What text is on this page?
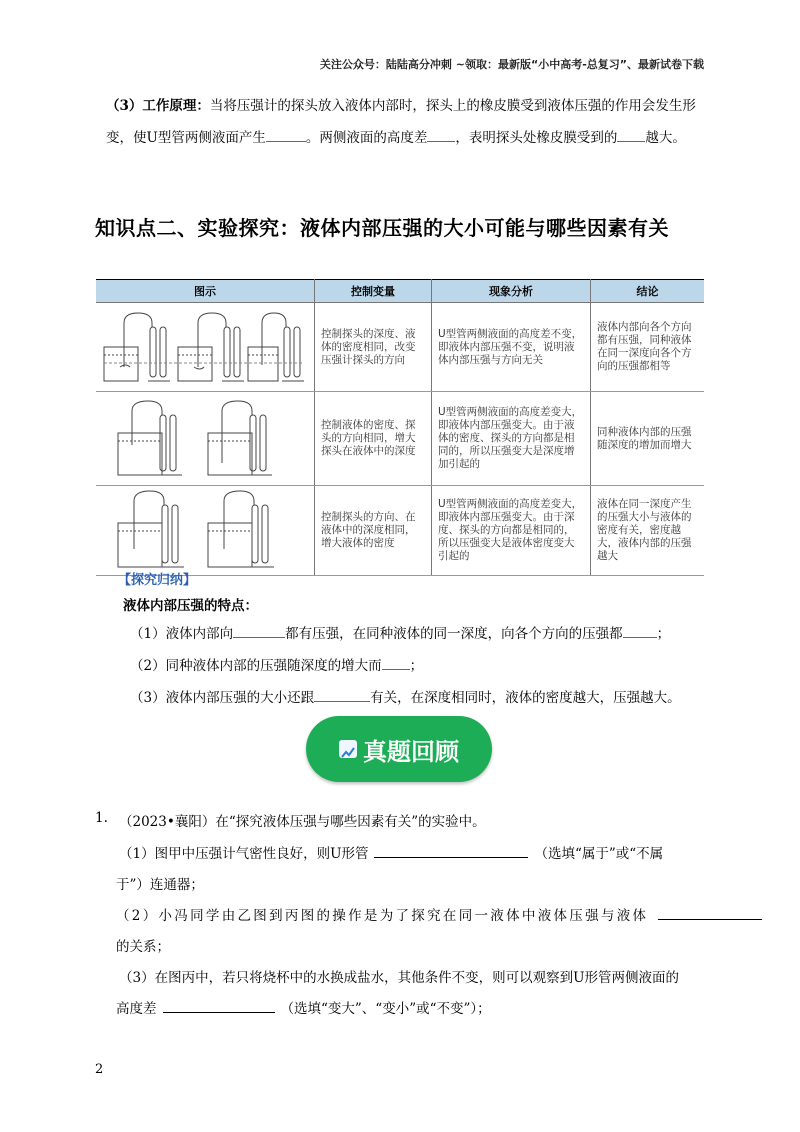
关注公众号：陆陆高分冲刺 ~领取：最新版“小中高考-总复习”、最新试卷下载
（3）工作原理：当将压强计的探头放入液体内部时，探头上的橡皮膜受到液体压强的作用会发生形变，使U型管两侧液面产生	。两侧液面的高度差 ，表明探头处橡皮膜受到的 越大。
知识点二、实验探究：液体内部压强的大小可能与哪些因素有关
图示	控制变量	现象分析	结论

	控制探头的深度、液体的密度相同，改变压强计探头的方向	U型管两侧液面的高度差不变，即液体内部压强不变，说明液体内部压强与方向无关	液体内部向各个方向都有压强，同种液体在同一深度向各个方向的压强都相等

	控制液体的密度、探头的方向相同，增大探头在液体中的深度	U型管两侧液面的高度差变大，即液体内部压强变大。由于液体的密度、探头的方向都是相同的，所以压强变大是深度增加引起的	同种液体内部的压强随深度的增加而增大

	控制探头的方向、在液体中的深度相同，增大液体的密度	U型管两侧液面的高度差变大，即液体内部压强变大。由于深度、探头的方向都是相同的，所以压强变大是液体密度变大引起的	液体在同一深度产生的压强大小与液体的密度有关，密度越大，液体内部的压强越大
【探究归纳】
液体内部压强的特点：
（1）液体内部向	都有压强，在同种液体的同一深度，向各个方向的压强都	；
（2）同种液体内部的压强随深度的增大而 ；
（3）液体内部压强的大小还跟	有关，在深度相同时，液体的密度越大，压强越大。
真题回顾
1. （2023•襄阳）在“探究液体压强与哪些因素有关”的实验中。
（1）图甲中压强计气密性良好，则U形管	（选填“属于”或“不属
于”）连通器；
（2）小冯同学由乙图到丙图的操作是为了探究在同一液体中液体压强与液体
的关系；
（3）在图丙中，若只将烧杯中的水换成盐水，其他条件不变，则可以观察到U形管两侧液面的
高度差	（选填“变大”、“变小”或“不变”）；
2
